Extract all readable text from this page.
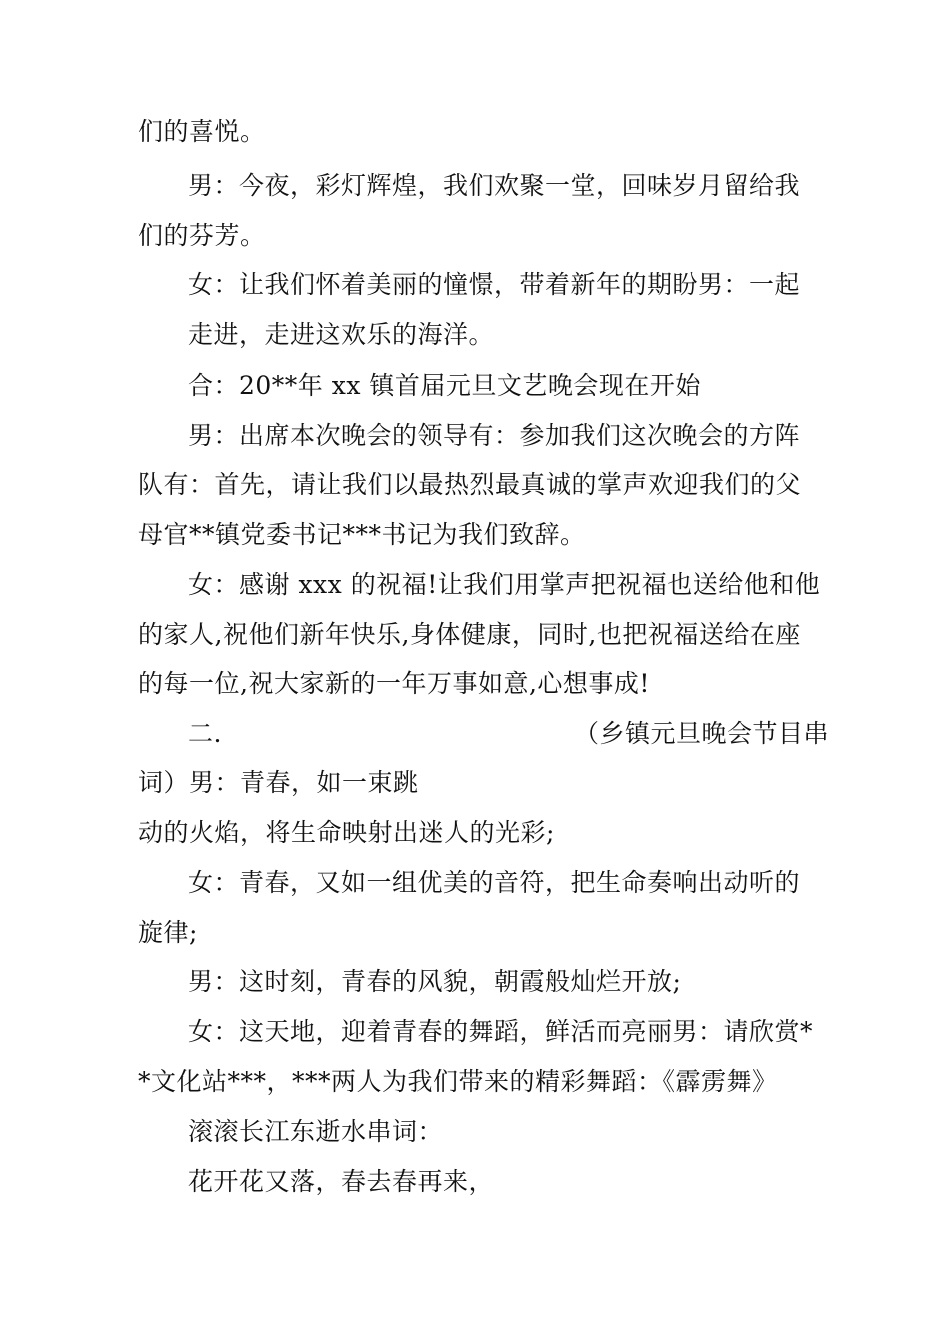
们的喜悦。
男：今夜，彩灯辉煌，我们欢聚一堂，回味岁月留给我
们的芬芳。
女：让我们怀着美丽的憧憬，带着新年的期盼男：一起
走进，走进这欢乐的海洋。
合：20**年 xx 镇首届元旦文艺晚会现在开始
男：出席本次晚会的领导有：参加我们这次晚会的方阵
队有：首先，请让我们以最热烈最真诚的掌声欢迎我们的父
母官**镇党委书记***书记为我们致辞。
女：感谢 xxx 的祝福!让我们用掌声把祝福也送给他和他
的家人,祝他们新年快乐,身体健康，同时,也把祝福送给在座
的每一位,祝大家新的一年万事如意,心想事成!
二.	（乡镇元旦晚会节目串
词）男：青春，如一束跳
动的火焰，将生命映射出迷人的光彩;
女：青春，又如一组优美的音符，把生命奏响出动听的
旋律;
男：这时刻，青春的风貌，朝霞般灿烂开放;
女：这天地，迎着青春的舞蹈，鲜活而亮丽男：请欣赏*
*文化站***，***两人为我们带来的精彩舞蹈：《霹雳舞》
滚滚长江东逝水串词：
花开花又落，春去春再来，
